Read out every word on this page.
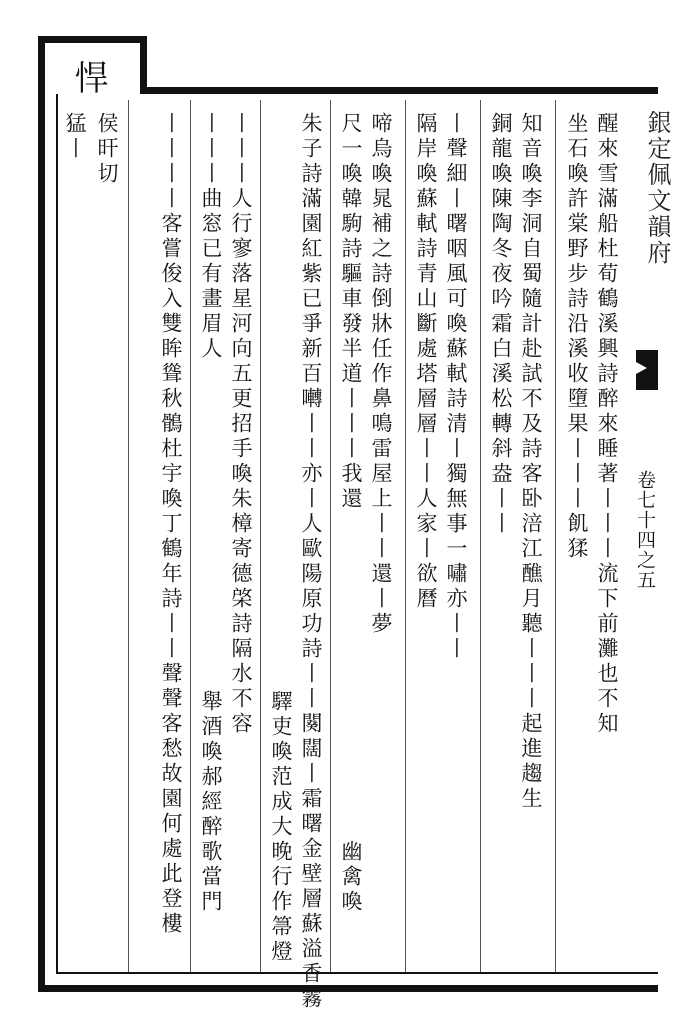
銀定佩文韻府
卷七十四之五
醒來雪滿船杜荀鶴溪興詩醉來睡著丨丨丨流下前灘也不知
坐石喚許棠野步詩沿溪收墮果丨丨丨飢猱
知音喚李洞自蜀隨計赴試不及詩客卧涪江醮月聽丨丨丨起進趨生
銅龍喚陳陶冬夜吟霜白溪松轉斜盎丨丨
丨聲細丨曙咽風可喚蘇軾詩清丨獨無事一嘯亦丨丨
隔岸喚蘇軾詩青山斷處塔層層丨丨人家丨欲曆
啼烏喚晁補之詩倒牀任作鼻鳴雷屋上丨丨還丨夢
尺一喚韓駒詩驅車發半道丨丨丨我還
幽禽喚
朱子詩滿園紅紫已爭新百囀丨丨亦丨人歐陽原功詩丨丨闋闊丨霜曙金壁層蘇溢香霧
驛吏喚范成大晚行作箒燈
丨丨丨人行寥落星河向五更招手喚朱樟寄德棨詩隔水不容
丨丨丨曲窓已有畫眉人
舉酒喚郝經醉歌當門
丨丨丨丨客嘗俊入雙眸聳秋鶻杜宇喚丁鶴年詩丨丨聲聲客愁故園何處此登樓
悍
侯旰切
猛丨
